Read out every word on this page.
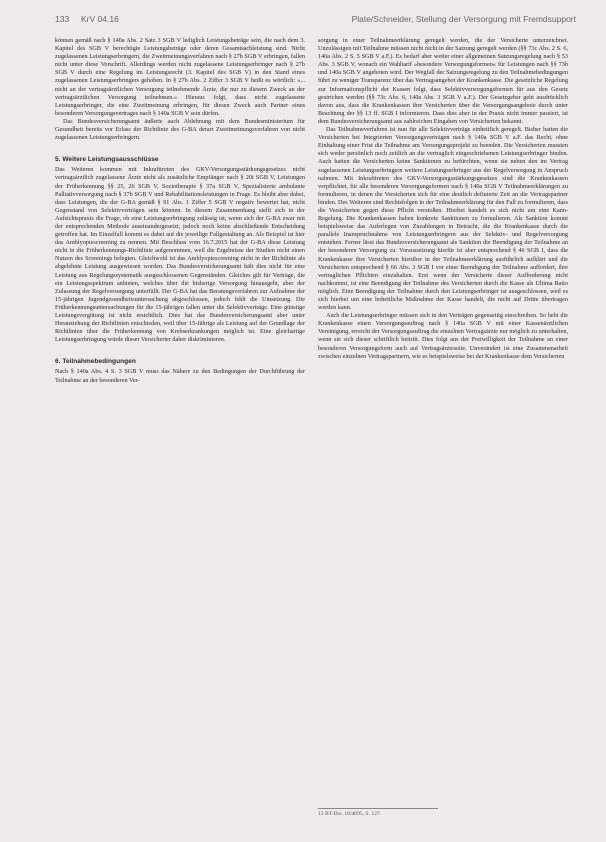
133 KrV 04.16	Plate/Schneider, Stellung der Versorgung mit Fremdsupport

können gemäß nach § 140a Abs. 2 Satz 3 SGB V lediglich Leistungsbeträge sein, die nach dem 3. Kapitel des SGB V berechtigte Leistungsbeträge oder deren Gesamtsachleistung sind. Nicht zugelassenen Leistungserbringern, die Zweitmeinungsverfahren nach § 27b SGB V erbringen, fallen nicht unter diese Vorschrift. Allerdings werden nicht zugelassene Leistungserbringer nach § 27b SGB V durch eine Regelung im Leistungsrecht (3. Kapitel des SGB V) in den Stand eines zugelassenen Leistungserbringers gehoben. In § 27b Abs. 2 Ziffer 3 SGB V heißt es wörtlich: »... nicht an der vertragsärztlichen Versorgung teilnehmende Ärzte, die nur zu diesem Zweck an der vertragsärztlichen Versorgung teilnehmen.« Hieraus folgt, dass nicht zugelassene Leistungserbringer, die eine Zweitmeinung erbringen, für diesen Zweck auch Partner eines besonderen Versorgungsvertrages nach § 140a SGB V sein dürfen.

Das Bundesversicherungsamt äußerte auch Ablehnung mit dem Bundesministerium für Gesundheit bereits vor Erlass der Richtlinie des G-BA derart Zweitmeinungsverfahren von nicht zugelassenen Leistungserbringern.

5. Weitere Leistungsausschlüsse

Das Weiteren kommen mit Inkrafttreten des GKV-Versorgungsstärkungsgesetzes nicht vertragsärztlich zugelassene Ärzte nicht als zusätzliche Empfänger nach § 20i SGB V, Leistungen der Früherkennung §§ 25, 26 SGB V, Soziotherapie § 37a SGB V, Spezialisierte ambulante Palliativversorgung nach § 37b SGB V und Rehabilitationsleistungen in Frage. Es bleibt aber dabei, dass Leistungen, die der G-BA gemäß § 91 Abs. 1 Ziffer 5 SGB V negativ bewertet hat, nicht Gegenstand von Selektivverträgen sein können. In diesem Zusammenhang stellt sich in der Aufsichtspraxis die Frage, ob eine Leistungserbringung zulässig ist, wenn sich der G-BA zwar mit der entsprechenden Methode auseinandergesetzt, jedoch noch keine abschließende Entscheidung getroffen hat. Im Einzelfall kommt es dabei auf die jeweilige Fallgestaltung an. Als Beispiel ist hier das Amblyopiescreening zu nennen. Mit Beschluss vom 16.7.2015 hat der G-BA diese Leistung nicht in die Früherkennungs-Richtlinie aufgenommen, weil die Ergebnisse der Studien nicht einen Nutzen des Screenings belegten. Gleichwohl ist das Amblyopiescreening nicht in der Richtlinie als abgelehnte Leistung ausgewiesen worden. Das Bundesversicherungsamt hält dies nicht für eine Leistung aus Regelungssystematik ausgeschlossenen Gegenständen. Gleiches gilt für Verträge, die ein Leistungsspektrum anbieten, welches über die bisherige Versorgung hinausgeht, aber der Zulassung der Regelversorgung unterfällt. Der G-BA hat das Beratungsverfahren zur Aufnahme der 15-jährigen Jugendgesundheitsuntersuchung abgeschlossen, jedoch fehlt die Umsetzung. Die Früherkennungsuntersuchungen für die 15-jährigen fallen unter die Selektivverträge. Eine günstige Leistungsvergütung ist nicht ersichtlich. Dies hat das Bundesversicherungsamt aber unter Heranziehung der Richtlinien entschieden, weil über 15-Jährige als Leistung auf der Grundlage der Richtlinien über die Früherkennung von Krebserkrankungen möglich ist. Eine gleichartige Leistungserbringung würde dieser Versicherter daher diskriminieren.

6. Teilnahmebedingungen

Nach § 140a Abs. 4 S. 3 SGB V muss das Nähere zu den Bedingungen der Durchführung der Teilnahme an der besonderen Ver-

sorgung in einer Teilnahmeerklärung geregelt werden, die der Versicherte unterzeichnet. Unzulässigen mit Teilnahme müssen nicht nicht in der Satzung geregelt werden (§§ 73c Abs. 2 S. 6, 140a Abs. 2 S. 5 SGB V a.F.). Es bedarf aber weiter einer allgemeinen Satzungsregelung nach § 53 Abs. 3 SGB V, wonach ein Wahltarif »besondere Versorgungsformen« für Leistungen nach §§ 73b und 140a SGB V angeboten wird. Der Wegfall der Satzungsregelung zu den Teilnahmebedingungen führt zu weniger Transparenz über das Vertragsangebot der Krankenkasse. Die gesetzliche Regelung zur Informationspflicht der Kassen folgt, dass Selektivversorgungsformen für aus den Gesetz gestrichen werden (§§ 73c Abs. 6, 140a Abs. 3 SGB V a.F.). Der Gesetzgeber geht ausdrücklich davon aus, dass die Krankenkassen ihre Versicherten über die Versorgungsangebote durch unter Beachtung der §§ 13 ff. SGB I informieren. Dass dies aber in der Praxis nicht immer passiert, ist dem Bundesversicherungsamt aus zahlreichen Eingaben von Versicherten bekannt.

Das Teilnahmeverfahren ist nun für alle Selektivverträge einheitlich geregelt. Bisher hatten die Versicherten bei Integrierten Versorgungsverträgen nach § 140a SGB V a.F. das Recht, ohne Einhaltung einer Frist die Teilnahme am Versorgungsprojekt zu beenden. Die Versicherten mussten sich weder persönlich noch zeitlich an die vertraglich eingeschriebenen Leistungserbringer binden. Auch hatten die Versicherten keine Sanktionen zu befürchten, wenn sie neben den im Vertrag zugelassenen Leistungserbringern weitere Leistungserbringer aus der Regelversorgung in Anspruch nahmen. Mit Inkrafttreten des GKV-Versorgungsstärkungsgesetzes sind die Krankenkassen verpflichtet, für alle besonderen Versorgungsformen nach § 140a SGB V Teilnahmeerklärungen zu formulieren, in denen die Versicherten sich für eine deutlich definierte Zeit an die Vertragspartner binden. Des Weiteren sind Rechtsfolgen in der Teilnahmeerklärung für den Fall zu formulieren, dass die Versicherten gegen diese Pflicht verstoßen. Hierbei handelt es sich nicht um eine Kann-Regelung. Die Krankenkassen haben konkrete Sanktionen zu formulieren. Als Sanktion kommt beispielsweise das Auferlegen von Zuzahlungen in Betracht, die die Krankenkasse durch die parallele Inanspruchnahme von Leistungserbringern aus der Selektiv- und Regelversorgung entstehen. Ferner lässt das Bundesversicherungsamt als Sanktion die Beendigung der Teilnahme an der besonderen Versorgung zu. Voraussetzung hierfür ist aber entsprechend § 46 SGB I, dass die Krankenkasse ihre Versicherten hierüber in der Teilnahmeerklärung ausführlich aufklärt und die Versicherten entsprechend § 66 Abs. 3 SGB I vor einer Beendigung der Teilnahme auffordert, ihre vertraglichen Pflichten einzuhalten. Erst wenn der Versicherte dieser Aufforderung nicht nachkommt, ist eine Beendigung der Teilnahme des Versicherten durch die Kasse als Ultima Ratio möglich. Eine Beendigung der Teilnahme durch den Leistungserbringer ist ausgeschlossen, weil es sich hierbei um eine hoheitliche Maßnahme der Kasse handelt, die nicht auf Dritte übertragen werden kann.

Auch die Leistungserbringer müssen sich in den Verträgen gegenseitig einschreiben. So hebt die Krankenkasse einen Versorgungsauftrag nach § 140a SGB V mit einer Kassenärztlichen Vereinigung, erreicht der Versorgungsauftrag die einzelnen Vertragsärzte nur möglich zu unterhalten, wenn sie sich dieser schriftlich beitritt. Dies folgt aus der Freiwilligkeit der Teilnahme an einer besonderen Versorgungsform auch auf Vertragsärzteseite. Unverändert ist eine Zusammenarbeit zwischen einzelnen Vertragspartnern, wie es beispielsweise bei der Krankenkasse dem Versicherten

12 BT-Drs. 18/4095, S. 127.
